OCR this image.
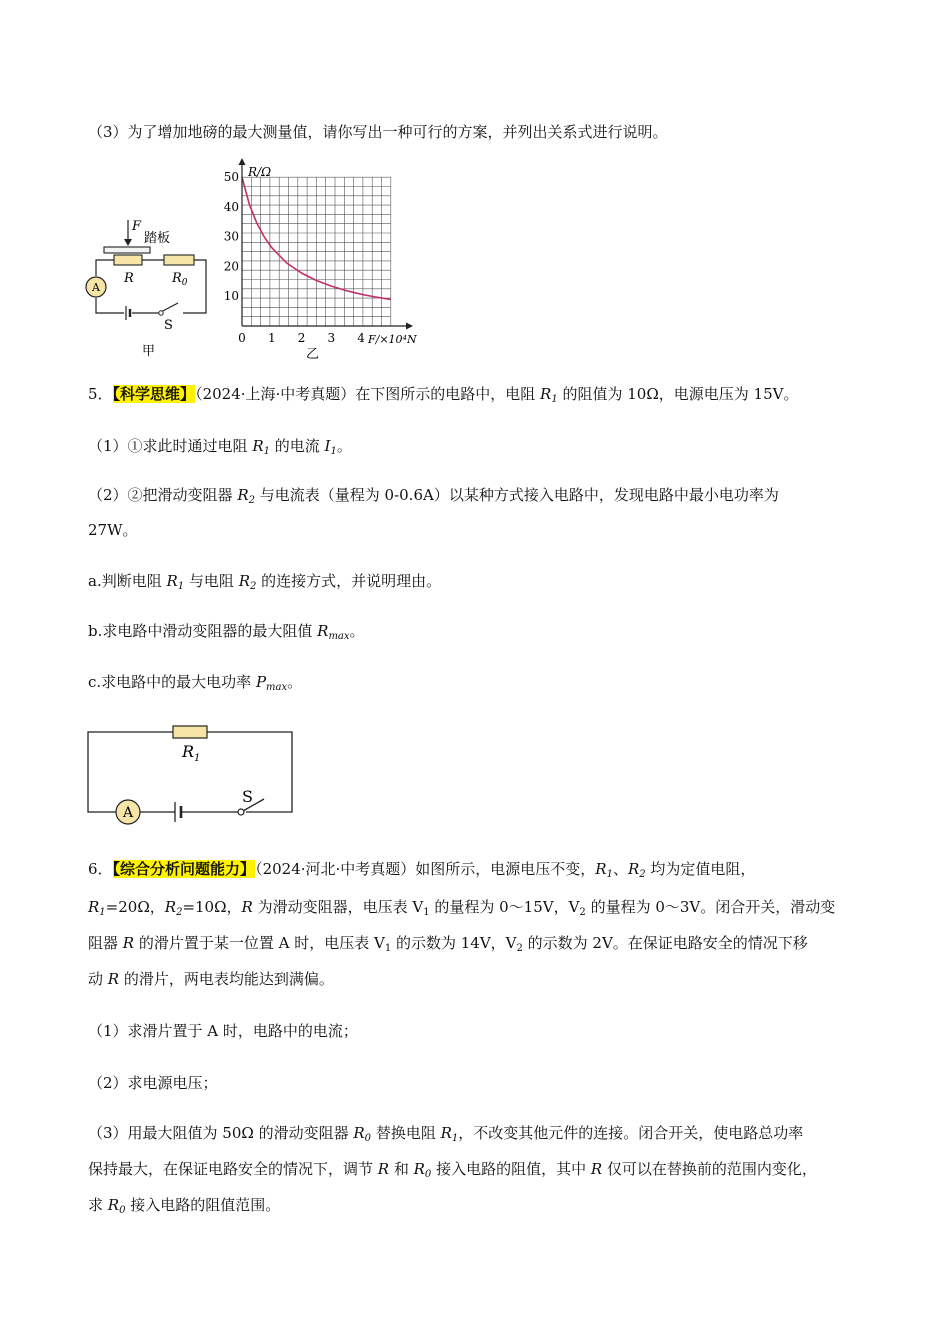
（3）为了增加地磅的最大测量值，请你写出一种可行的方案，并列出关系式进行说明。
A
F
踏板
R	$R_0$
S
甲
0 1 2 3 4
10
20
30
40
50 R/Ω
F/×10⁴N
乙
5．【科学思维】（2024·上海·中考真题）在下图所示的电路中，电阻 $R_1$ 的阻值为 10Ω，电源电压为 15V。
（1）①求此时通过电阻 $R_1$ 的电流 $I_1$。
（2）②把滑动变阻器 $R_2$ 与电流表（量程为 0-0.6A）以某种方式接入电路中，发现电路中最小电功率为
27W。
a.判断电阻 $R_1$ 与电阻 $R_2$ 的连接方式，并说明理由。
b.求电路中滑动变阻器的最大阻值 $R_{max}$。
c.求电路中的最大电功率 $P_{max}$。
A
$R_1$
S
6．【综合分析问题能力】（2024·河北·中考真题）如图所示，电源电压不变，$R_1$、$R_2$ 均为定值电阻，
$R_1=20\Omega$，$R_2=10\Omega$，R 为滑动变阻器，电压表 $V_1$ 的量程为 0～15V，$V_2$ 的量程为 0～3V。闭合开关，滑动变
阻器 R 的滑片置于某一位置 A 时，电压表 $V_1$ 的示数为 14V，$V_2$ 的示数为 2V。在保证电路安全的情况下移
动 R 的滑片，两电表均能达到满偏。
（1）求滑片置于 A 时，电路中的电流；
（2）求电源电压；
（3）用最大阻值为 50Ω 的滑动变阻器 $R_0$ 替换电阻 $R_1$，不改变其他元件的连接。闭合开关，使电路总功率
保持最大，在保证电路安全的情况下，调节 R 和 $R_0$ 接入电路的阻值，其中 R 仅可以在替换前的范围内变化，
求 $R_0$ 接入电路的阻值范围。
